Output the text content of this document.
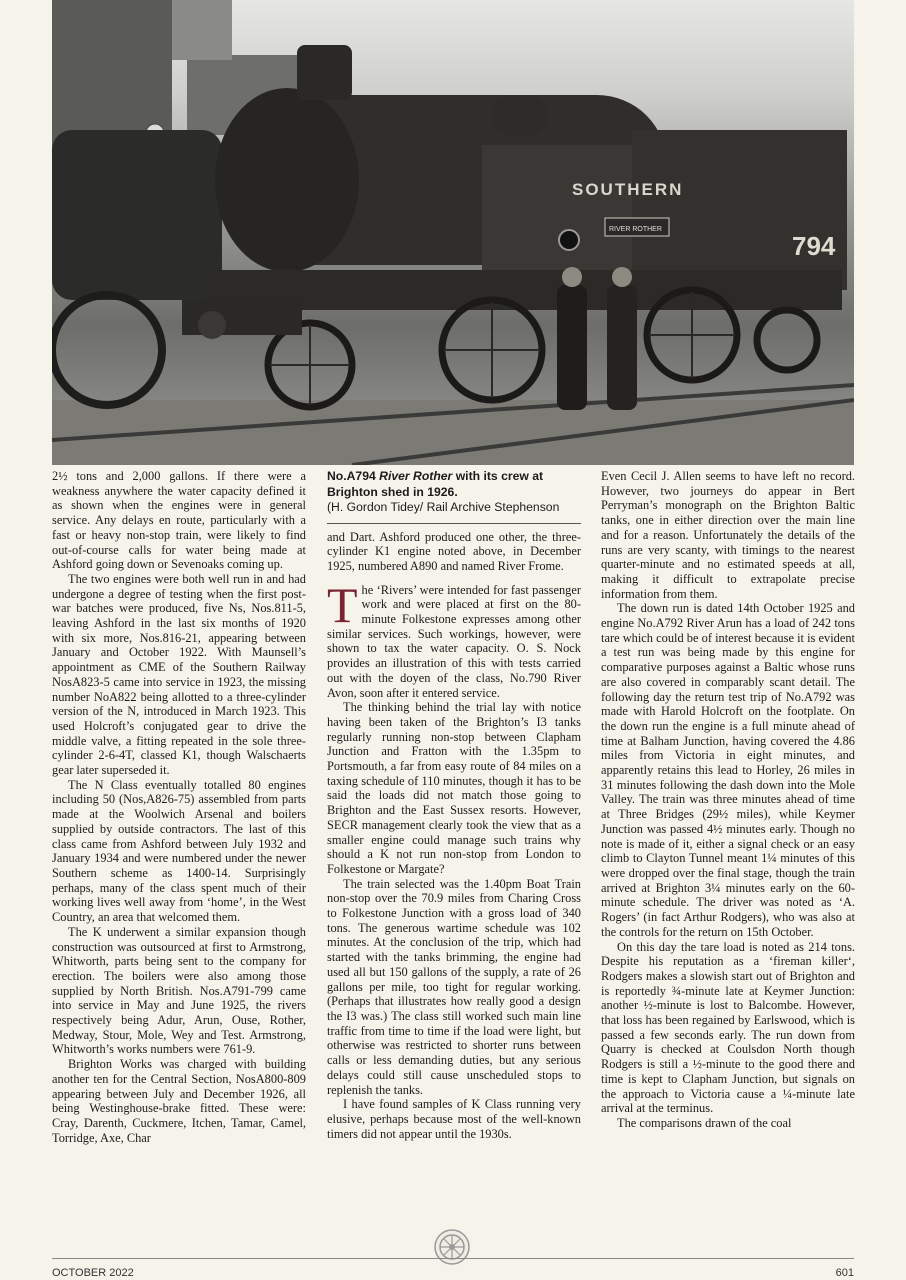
SOUTHERN
794
RIVER ROTHER

2½ tons and 2,000 gallons. If there were a weakness anywhere the water capacity defined it as shown when the engines were in general service. Any delays en route, particularly with a fast or heavy non-stop train, were likely to find out-of-course calls for water being made at Ashford going down or Sevenoaks coming up.

The two engines were both well run in and had undergone a degree of testing when the first post-war batches were produced, five Ns, Nos.811-5, leaving Ashford in the last six months of 1920 with six more, Nos.816-21, appearing between January and October 1922. With Maunsell’s appointment as CME of the Southern Railway NosA823-5 came into service in 1923, the missing number NoA822 being allotted to a three-cylinder version of the N, introduced in March 1923. This used Holcroft’s conjugated gear to drive the middle valve, a fitting repeated in the sole three-cylinder 2-6-4T, classed K1, though Walschaerts gear later superseded it.

The N Class eventually totalled 80 engines including 50 (Nos,A826-75) assembled from parts made at the Woolwich Arsenal and boilers supplied by outside contractors. The last of this class came from Ashford between July 1932 and January 1934 and were numbered under the newer Southern scheme as 1400-14. Surprisingly perhaps, many of the class spent much of their working lives well away from ‘home’, in the West Country, an area that welcomed them.

The K underwent a similar expansion though construction was outsourced at first to Armstrong, Whitworth, parts being sent to the company for erection. The boilers were also among those supplied by North British. Nos.A791-799 came into service in May and June 1925, the rivers respectively being Adur, Arun, Ouse, Rother, Medway, Stour, Mole, Wey and Test. Armstrong, Whitworth’s works numbers were 761-9.

Brighton Works was charged with building another ten for the Central Section, NosA800-809 appearing between July and December 1926, all being Westinghouse-brake fitted. These were: Cray, Darenth, Cuckmere, Itchen, Tamar, Camel, Torridge, Axe, Char

No.A794 River Rother with its crew at Brighton shed in 1926.
(H. Gordon Tidey/ Rail Archive Stephenson

and Dart. Ashford produced one other, the three-cylinder K1 engine noted above, in December 1925, numbered A890 and named River Frome.

The ‘Rivers’ were intended for fast passenger work and were placed at first on the 80-minute Folkestone expresses among other similar services. Such workings, however, were shown to tax the water capacity. O. S. Nock provides an illustration of this with tests carried out with the doyen of the class, No.790 River Avon, soon after it entered service.

The thinking behind the trial lay with notice having been taken of the Brighton’s I3 tanks regularly running non-stop between Clapham Junction and Fratton with the 1.35pm to Portsmouth, a far from easy route of 84 miles on a taxing schedule of 110 minutes, though it has to be said the loads did not match those going to Brighton and the East Sussex resorts. However, SECR management clearly took the view that as a smaller engine could manage such trains why should a K not run non-stop from London to Folkestone or Margate?

The train selected was the 1.40pm Boat Train non-stop over the 70.9 miles from Charing Cross to Folkestone Junction with a gross load of 340 tons. The generous wartime schedule was 102 minutes. At the conclusion of the trip, which had started with the tanks brimming, the engine had used all but 150 gallons of the supply, a rate of 26 gallons per mile, too tight for regular working. (Perhaps that illustrates how really good a design the I3 was.) The class still worked such main line traffic from time to time if the load were light, but otherwise was restricted to shorter runs between calls or less demanding duties, but any serious delays could still cause unscheduled stops to replenish the tanks.

I have found samples of K Class running very elusive, perhaps because most of the well-known timers did not appear until the 1930s.

Even Cecil J. Allen seems to have left no record. However, two journeys do appear in Bert Perryman’s monograph on the Brighton Baltic tanks, one in either direction over the main line and for a reason. Unfortunately the details of the runs are very scanty, with timings to the nearest quarter-minute and no estimated speeds at all, making it difficult to extrapolate precise information from them.

The down run is dated 14th October 1925 and engine No.A792 River Arun has a load of 242 tons tare which could be of interest because it is evident a test run was being made by this engine for comparative purposes against a Baltic whose runs are also covered in comparably scant detail. The following day the return test trip of No.A792 was made with Harold Holcroft on the footplate. On the down run the engine is a full minute ahead of time at Balham Junction, having covered the 4.86 miles from Victoria in eight minutes, and apparently retains this lead to Horley, 26 miles in 31 minutes following the dash down into the Mole Valley. The train was three minutes ahead of time at Three Bridges (29½ miles), while Keymer Junction was passed 4½ minutes early. Though no note is made of it, either a signal check or an easy climb to Clayton Tunnel meant 1¼ minutes of this were dropped over the final stage, though the train arrived at Brighton 3¼ minutes early on the 60-minute schedule. The driver was noted as ‘A. Rogers’ (in fact Arthur Rodgers), who was also at the controls for the return on 15th October.

On this day the tare load is noted as 214 tons. Despite his reputation as a ‘fireman killer‘, Rodgers makes a slowish start out of Brighton and is reportedly ¾-minute late at Keymer Junction: another ½-minute is lost to Balcombe. However, that loss has been regained by Earlswood, which is passed a few seconds early. The run down from Quarry is checked at Coulsdon North though Rodgers is still a ½-minute to the good there and time is kept to Clapham Junction, but signals on the approach to Victoria cause a ¼-minute late arrival at the terminus.

The comparisons drawn of the coal

OCTOBER 2022	601
